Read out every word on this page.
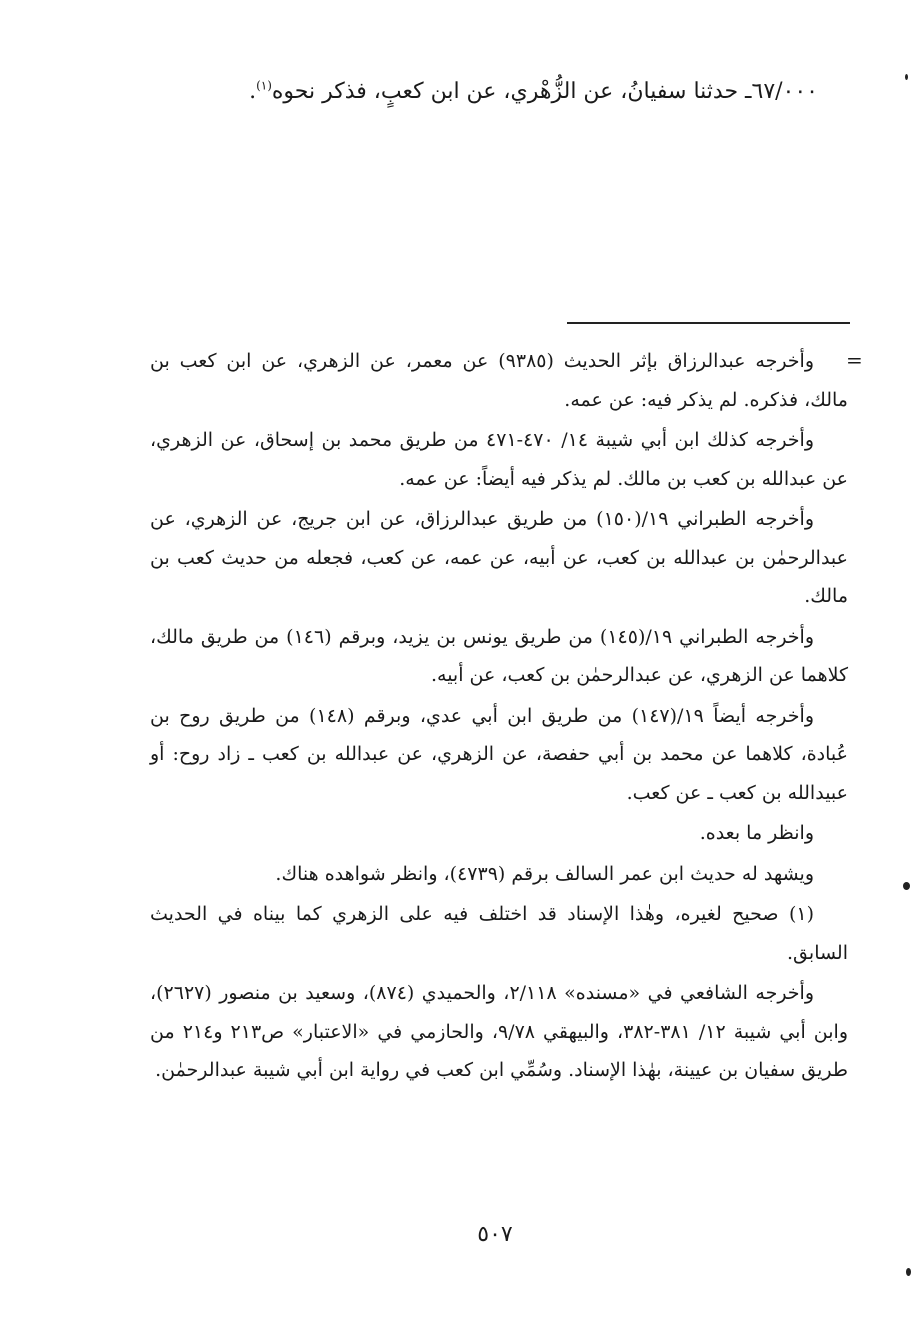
٦٧/٠٠٠ـ حدثنا سفيانُ، عن الزُّهْري، عن ابن كعبٍ، فذكر نحوه$^{(١)}$.
=

وأخرجه عبدالرزاق بإثر الحديث (٩٣٨٥) عن معمر، عن الزهري، عن ابن كعب بن مالك، فذكره. لم يذكر فيه: عن عمه.

وأخرجه كذلك ابن أبي شيبة ١٤/ ٤٧٠-٤٧١ من طريق محمد بن إسحاق، عن الزهري، عن عبدالله بن كعب بن مالك. لم يذكر فيه أيضاً: عن عمه.

وأخرجه الطبراني ١٩/(١٥٠) من طريق عبدالرزاق، عن ابن جريج، عن الزهري، عن عبدالرحمٰن بن عبدالله بن كعب، عن أبيه، عن عمه، عن كعب، فجعله من حديث كعب بن مالك.

وأخرجه الطبراني ١٩/(١٤٥) من طريق يونس بن يزيد، وبرقم (١٤٦) من طريق مالك، كلاهما عن الزهري، عن عبدالرحمٰن بن كعب، عن أبيه.

وأخرجه أيضاً ١٩/(١٤٧) من طريق ابن أبي عدي، وبرقم (١٤٨) من طريق روح بن عُبادة، كلاهما عن محمد بن أبي حفصة، عن الزهري، عن عبدالله بن كعب ـ زاد روح: أو عبيدالله بن كعب ـ عن كعب.

وانظر ما بعده.

ويشهد له حديث ابن عمر السالف برقم (٤٧٣٩)، وانظر شواهده هناك.

(١) صحيح لغيره، وهٰذا الإسناد قد اختلف فيه على الزهري كما بيناه في الحديث السابق.

وأخرجه الشافعي في «مسنده» ٢/١١٨، والحميدي (٨٧٤)، وسعيد بن منصور (٢٦٢٧)، وابن أبي شيبة ١٢/ ٣٨١-٣٨٢، والبيهقي ٩/٧٨، والحازمي في «الاعتبار» ص٢١٣ و٢١٤ من طريق سفيان بن عيينة، بهٰذا الإسناد. وسُمِّي ابن كعب في رواية ابن أبي شيبة عبدالرحمٰن.

٥٠٧
